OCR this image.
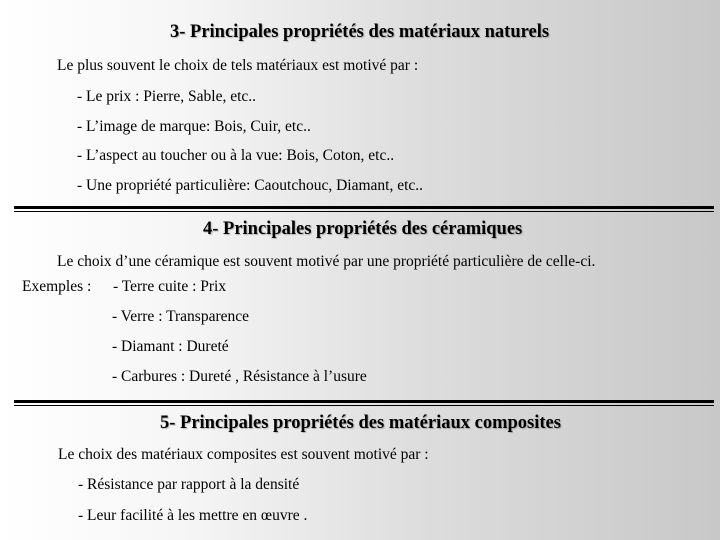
3- Principales propriétés des matériaux naturels
Le plus souvent le choix de tels matériaux est motivé par :
- Le prix : Pierre, Sable, etc..
- L’image de marque: Bois, Cuir, etc..
- L’aspect au toucher ou à la vue: Bois, Coton, etc..
- Une propriété particulière: Caoutchouc, Diamant, etc..
4- Principales propriétés des céramiques
Le choix d’une céramique est souvent motivé par une propriété particulière de celle-ci.
Exemples : - Terre cuite : Prix
- Verre : Transparence
- Diamant : Dureté
- Carbures : Dureté , Résistance à l’usure
5- Principales propriétés des matériaux composites
Le choix des matériaux composites est souvent motivé par :
- Résistance par rapport à la densité
- Leur facilité à les mettre en œuvre .
